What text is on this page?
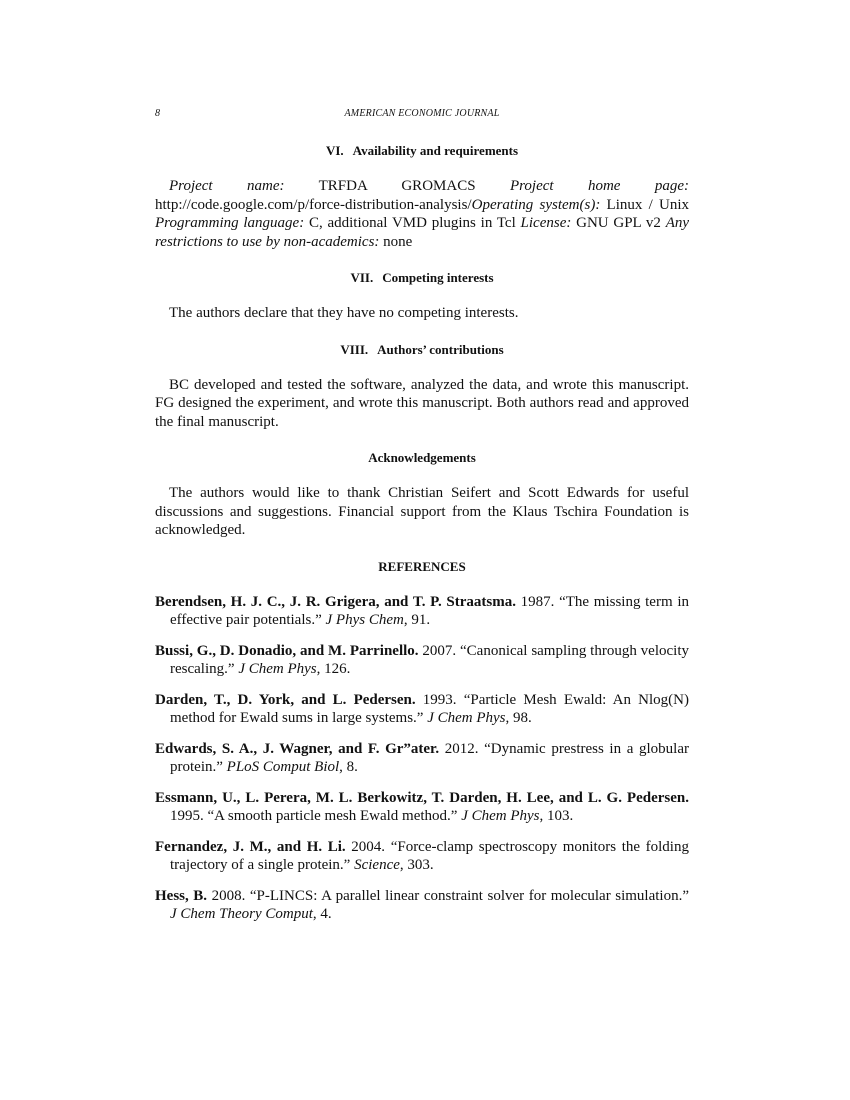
8	AMERICAN ECONOMIC JOURNAL
VI. Availability and requirements

Project name: TRFDA GROMACS Project home page: http://code.google.com/p/force-distribution-analysis/Operating system(s): Linux / Unix Programming language: C, additional VMD plugins in Tcl License: GNU GPL v2 Any restrictions to use by non-academics: none

VII. Competing interests

The authors declare that they have no competing interests.

VIII. Authors’ contributions

BC developed and tested the software, analyzed the data, and wrote this manuscript. FG designed the experiment, and wrote this manuscript. Both authors read and approved the final manuscript.

Acknowledgements

The authors would like to thank Christian Seifert and Scott Edwards for useful discussions and suggestions. Financial support from the Klaus Tschira Foundation is acknowledged.

REFERENCES
Berendsen, H. J. C., J. R. Grigera, and T. P. Straatsma. 1987. “The missing term in effective pair potentials.” J Phys Chem, 91.
Bussi, G., D. Donadio, and M. Parrinello. 2007. “Canonical sampling through velocity rescaling.” J Chem Phys, 126.
Darden, T., D. York, and L. Pedersen. 1993. “Particle Mesh Ewald: An Nlog(N) method for Ewald sums in large systems.” J Chem Phys, 98.
Edwards, S. A., J. Wagner, and F. Gr”ater. 2012. “Dynamic prestress in a globular protein.” PLoS Comput Biol, 8.
Essmann, U., L. Perera, M. L. Berkowitz, T. Darden, H. Lee, and L. G. Pedersen. 1995. “A smooth particle mesh Ewald method.” J Chem Phys, 103.
Fernandez, J. M., and H. Li. 2004. “Force-clamp spectroscopy monitors the folding trajectory of a single protein.” Science, 303.
Hess, B. 2008. “P-LINCS: A parallel linear constraint solver for molecular simulation.” J Chem Theory Comput, 4.
